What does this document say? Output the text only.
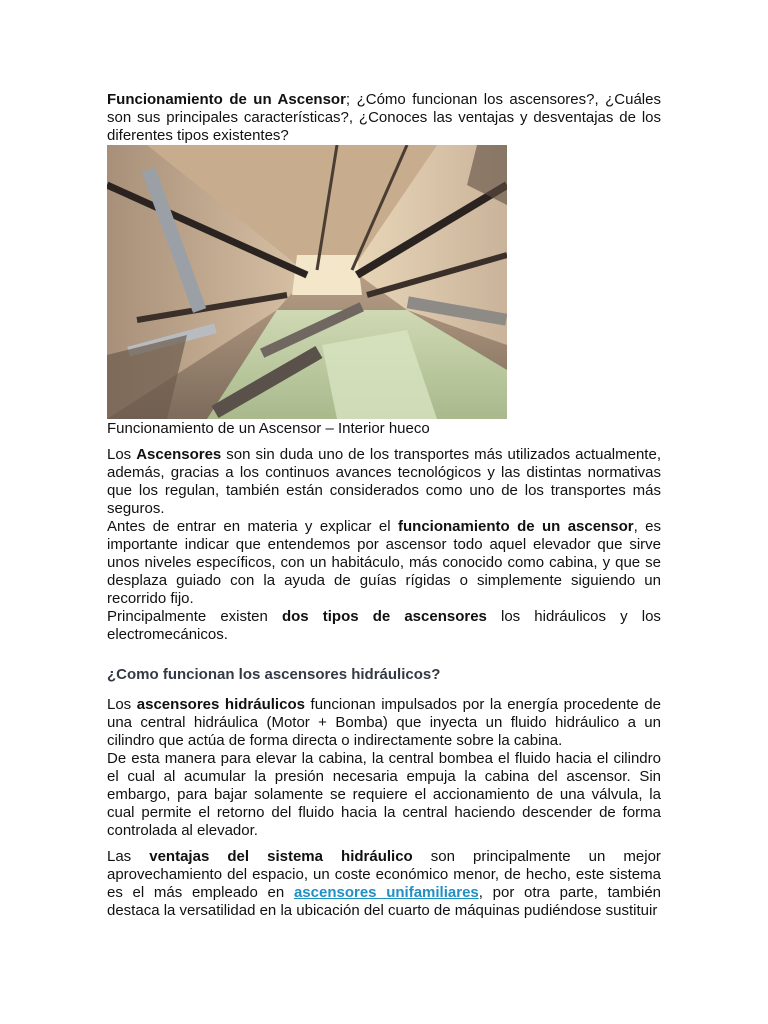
Funcionamiento de un Ascensor; ¿Cómo funcionan los ascensores?, ¿Cuáles son sus principales características?, ¿Conoces las ventajas y desventajas de los diferentes tipos existentes?

Funcionamiento de un Ascensor – Interior hueco

Los Ascensores son sin duda uno de los transportes más utilizados actualmente, además, gracias a los continuos avances tecnológicos y las distintas normativas que los regulan, también están considerados como uno de los transportes más seguros.

Antes de entrar en materia y explicar el funcionamiento de un ascensor, es importante indicar que entendemos por ascensor todo aquel elevador que sirve unos niveles específicos, con un habitáculo, más conocido como cabina, y que se desplaza guiado con la ayuda de guías rígidas o simplemente siguiendo un recorrido fijo.

Principalmente existen dos tipos de ascensores los hidráulicos y los
electromecánicos.
¿Como funcionan los ascensores hidráulicos?

Los ascensores hidráulicos funcionan impulsados por la energía procedente de una central hidráulica (Motor + Bomba) que inyecta un fluido hidráulico a un cilindro que actúa de forma directa o indirectamente sobre la cabina.

De esta manera para elevar la cabina, la central bombea el fluido hacia el cilindro el cual al acumular la presión necesaria empuja la cabina del ascensor. Sin embargo, para bajar solamente se requiere el accionamiento de una válvula, la cual permite el retorno del fluido hacia la central haciendo descender de forma controlada al elevador.

Las ventajas del sistema hidráulico son principalmente un mejor

aprovechamiento del espacio, un coste económico menor, de hecho, este sistema es el más empleado en ascensores unifamiliares, por otra parte, también destaca la versatilidad en la ubicación del cuarto de máquinas pudiéndose sustituir
